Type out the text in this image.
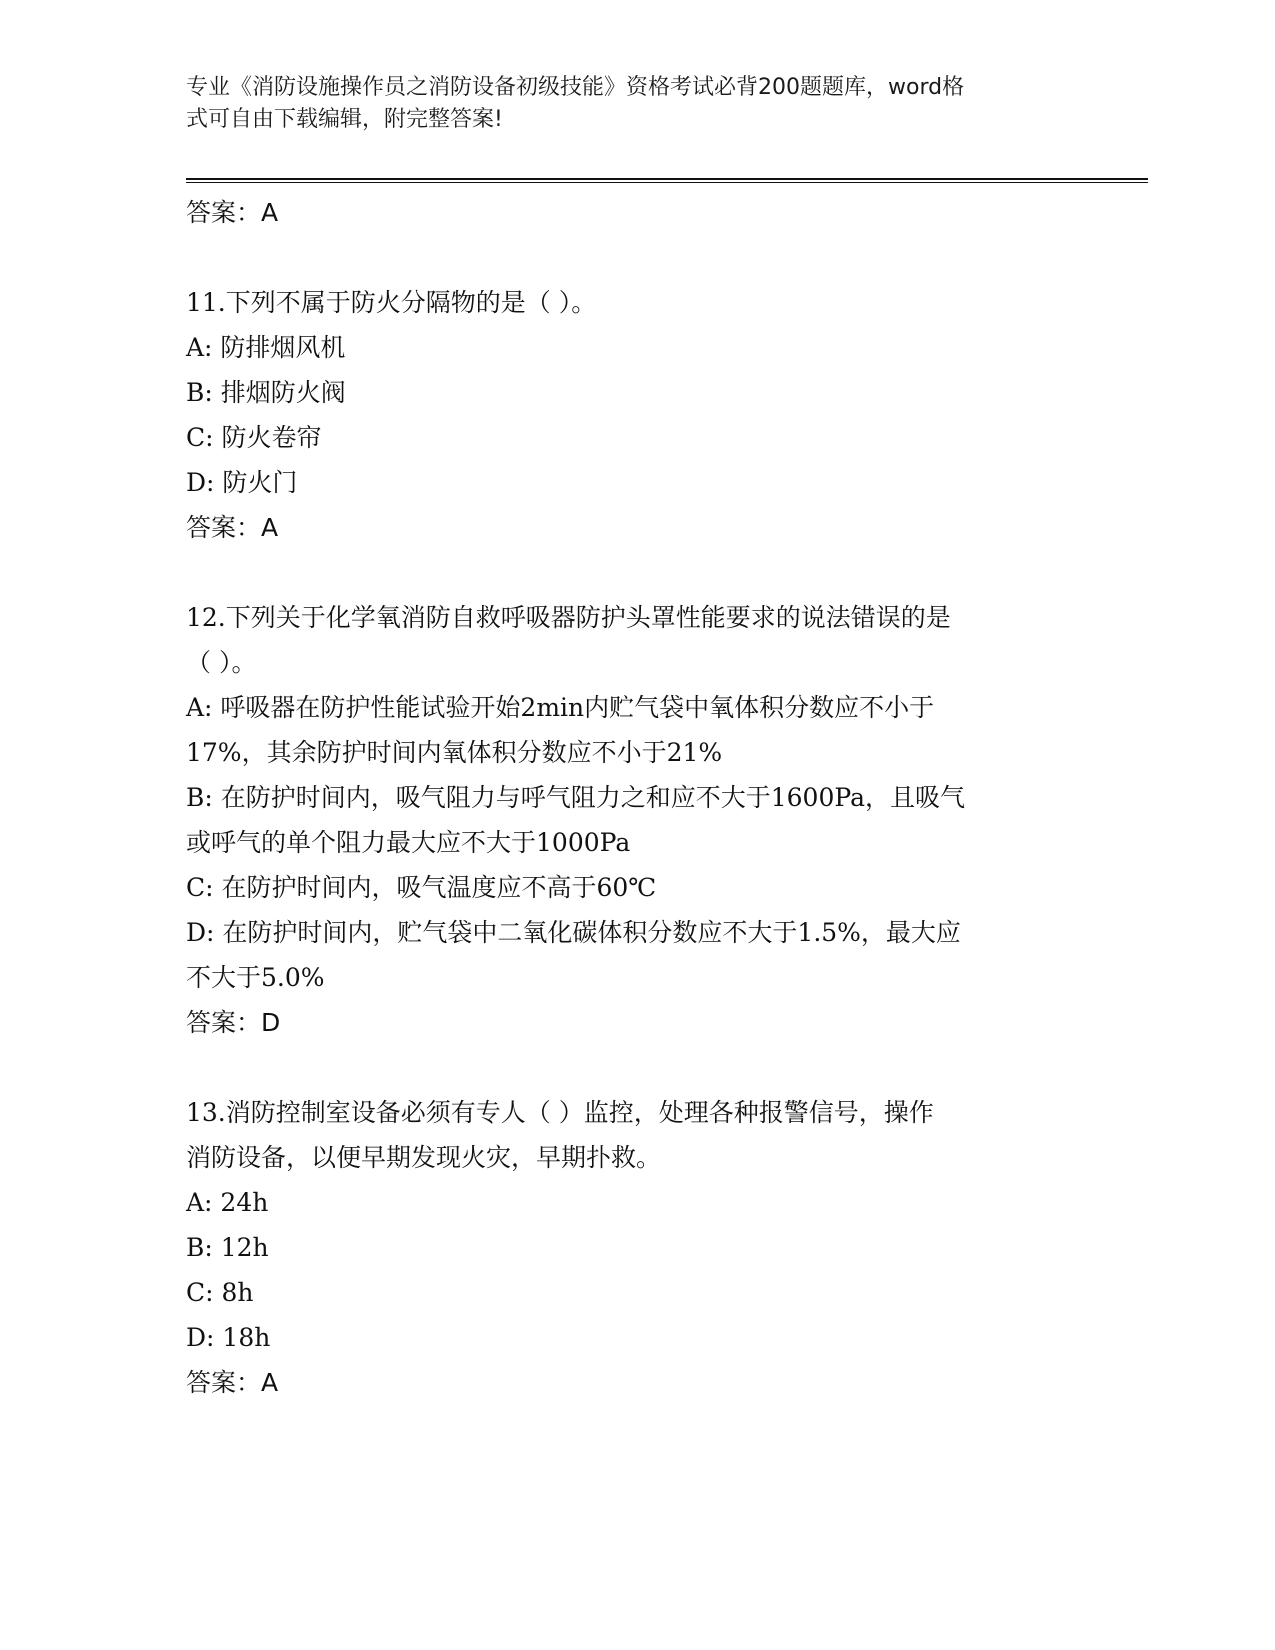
专业《消防设施操作员之消防设备初级技能》资格考试必背200题题库，word格
式可自由下载编辑，附完整答案!
答案：A
11.下列不属于防火分隔物的是（ ）。
A: 防排烟风机
B: 排烟防火阀
C: 防火卷帘
D: 防火门
答案：A
12.下列关于化学氧消防自救呼吸器防护头罩性能要求的说法错误的是
（ ）。
A: 呼吸器在防护性能试验开始2min内贮气袋中氧体积分数应不小于
17%，其余防护时间内氧体积分数应不小于21%
B: 在防护时间内，吸气阻力与呼气阻力之和应不大于1600Pa，且吸气
或呼气的单个阻力最大应不大于1000Pa
C: 在防护时间内，吸气温度应不高于60℃
D: 在防护时间内，贮气袋中二氧化碳体积分数应不大于1.5%，最大应
不大于5.0%
答案：D
13.消防控制室设备必须有专人（ ）监控，处理各种报警信号，操作
消防设备，以便早期发现火灾，早期扑救。
A: 24h
B: 12h
C: 8h
D: 18h
答案：A
